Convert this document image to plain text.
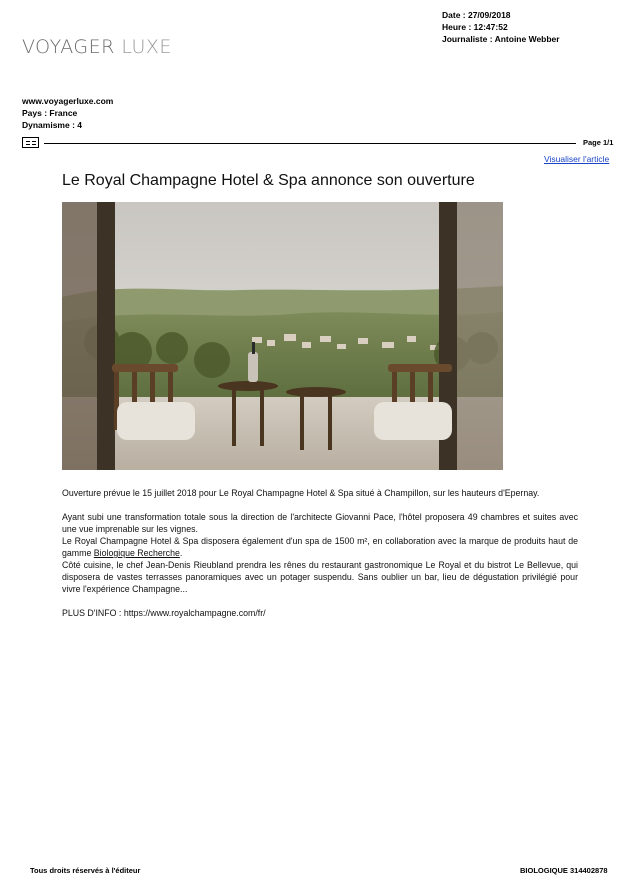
VOYAGER LUXE
Date : 27/09/2018
Heure : 12:47:52
Journaliste : Antoine Webber
www.voyagerluxe.com
Pays : France
Dynamisme : 4
Page 1/1
Visualiser l'article
Le Royal Champagne Hotel & Spa annonce son ouverture

Ouverture prévue le 15 juillet 2018 pour Le Royal Champagne Hotel & Spa situé à Champillon, sur les hauteurs d'Epernay.

Ayant subi une transformation totale sous la direction de l'architecte Giovanni Pace, l'hôtel proposera 49 chambres et suites avec une vue imprenable sur les vignes.

Le Royal Champagne Hotel & Spa disposera également d'un spa de 1500 m², en collaboration avec la marque de produits haut de gamme Biologique Recherche.

Côté cuisine, le chef Jean-Denis Rieubland prendra les rênes du restaurant gastronomique Le Royal et du bistrot Le Bellevue, qui disposera de vastes terrasses panoramiques avec un potager suspendu. Sans oublier un bar, lieu de dégustation privilégié pour vivre l'expérience Champagne...

PLUS D'INFO : https://www.royalchampagne.com/fr/

Tous droits réservés à l'éditeur	BIOLOGIQUE 314402878
